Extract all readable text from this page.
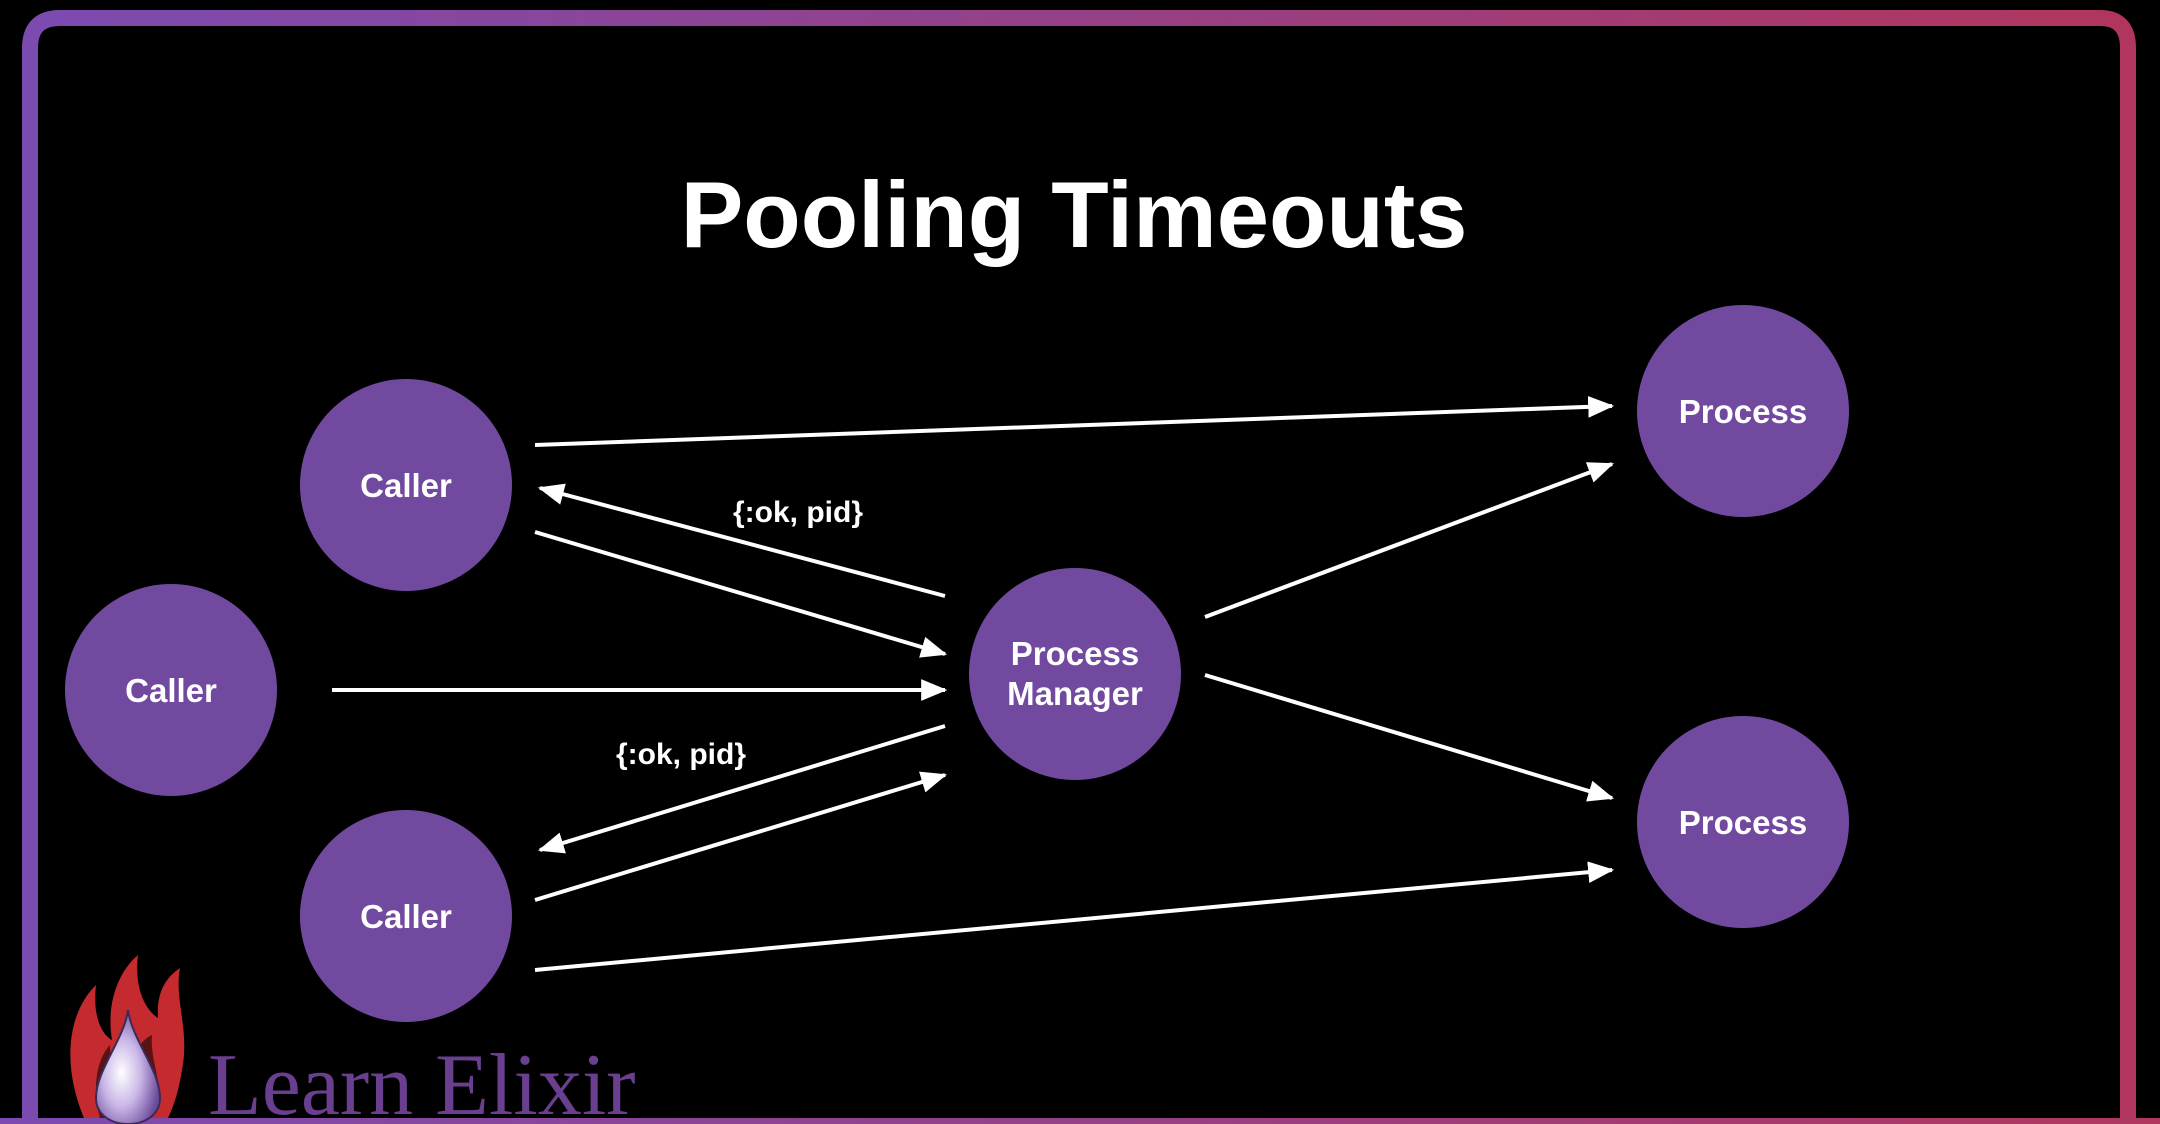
Pooling Timeouts
{:ok, pid}
{:ok, pid}
Caller
Caller
Caller
Process
Manager
Process
Process
Learn Elixir
